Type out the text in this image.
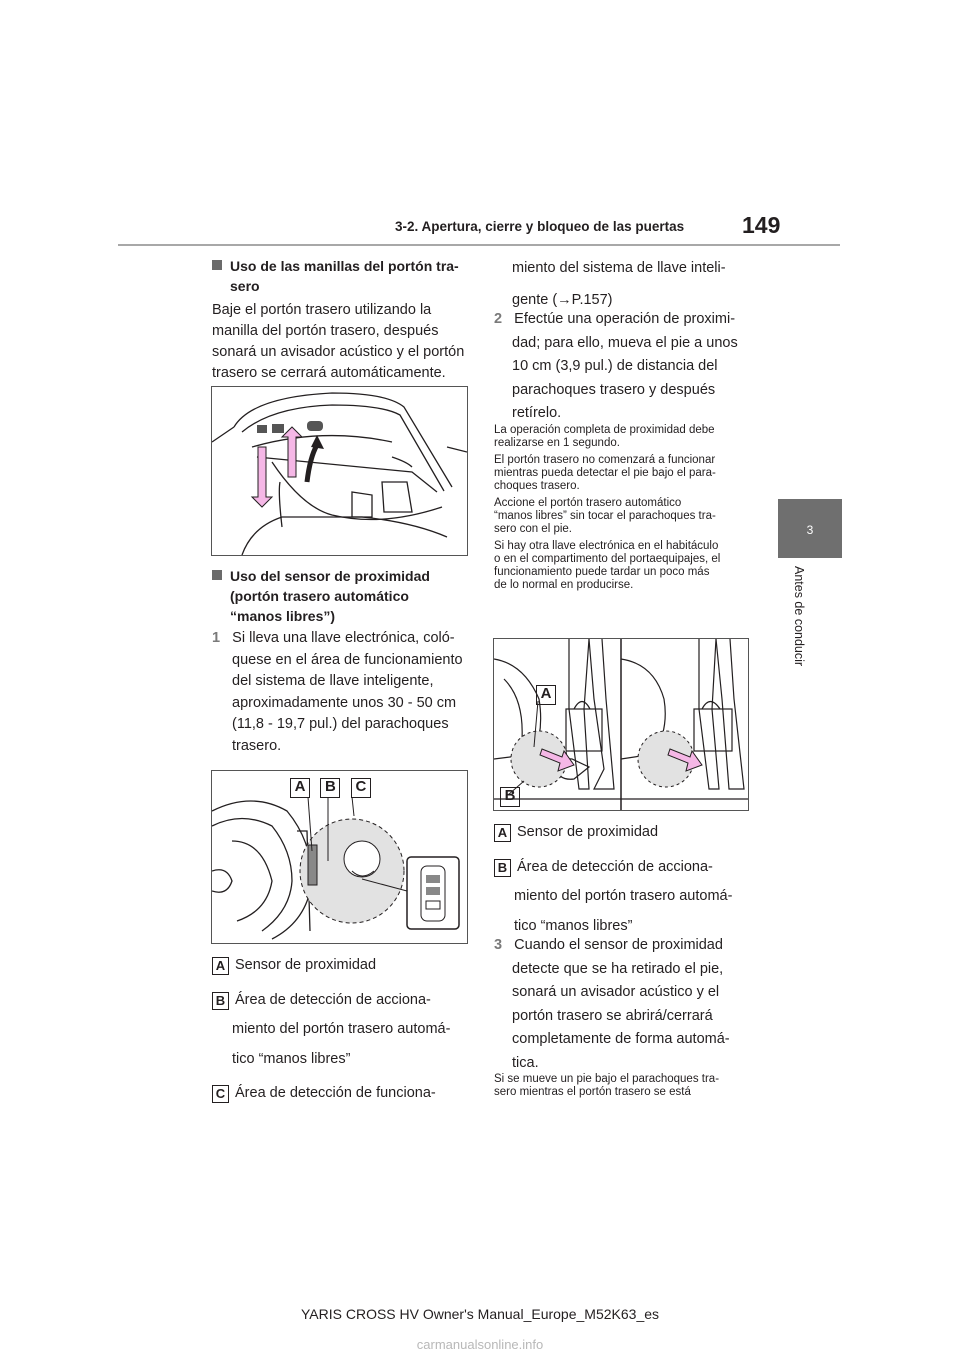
3-2. Apertura, cierre y bloqueo de las puertas	149
3
Antes de conducir
Uso de las manillas del portón tra-
sero
Baje el portón trasero utilizando la
manilla del portón trasero, después
sonará un avisador acústico y el portón
trasero se cerrará automáticamente.
Uso del sensor de proximidad
(portón trasero automático
“manos libres”)
1 Si lleva una llave electrónica, coló-
quese en el área de funcionamiento
del sistema de llave inteligente,
aproximadamente unos 30 - 50 cm
(11,8 - 19,7 pul.) del parachoques
trasero.
A B C
A Sensor de proximidad
B Área de detección de acciona-
miento del portón trasero automá-
tico “manos libres”
C Área de detección de funciona-
miento del sistema de llave inteli-
gente (→P.157)
2 Efectúe una operación de proximi-
dad; para ello, mueva el pie a unos
10 cm (3,9 pul.) de distancia del
parachoques trasero y después
retírelo.
La operación completa de proximidad debe
realizarse en 1 segundo.
El portón trasero no comenzará a funcionar
mientras pueda detectar el pie bajo el para-
choques trasero.
Accione el portón trasero automático
“manos libres” sin tocar el parachoques tra-
sero con el pie.
Si hay otra llave electrónica en el habitáculo
o en el compartimento del portaequipajes, el
funcionamiento puede tardar un poco más
de lo normal en producirse.
A
B
A Sensor de proximidad
B Área de detección de acciona-
miento del portón trasero automá-
tico “manos libres”
3 Cuando el sensor de proximidad
detecte que se ha retirado el pie,
sonará un avisador acústico y el
portón trasero se abrirá/cerrará
completamente de forma automá-
tica.
Si se mueve un pie bajo el parachoques tra-
sero mientras el portón trasero se está
YARIS CROSS HV Owner's Manual_Europe_M52K63_es
carmanualsonline.info
